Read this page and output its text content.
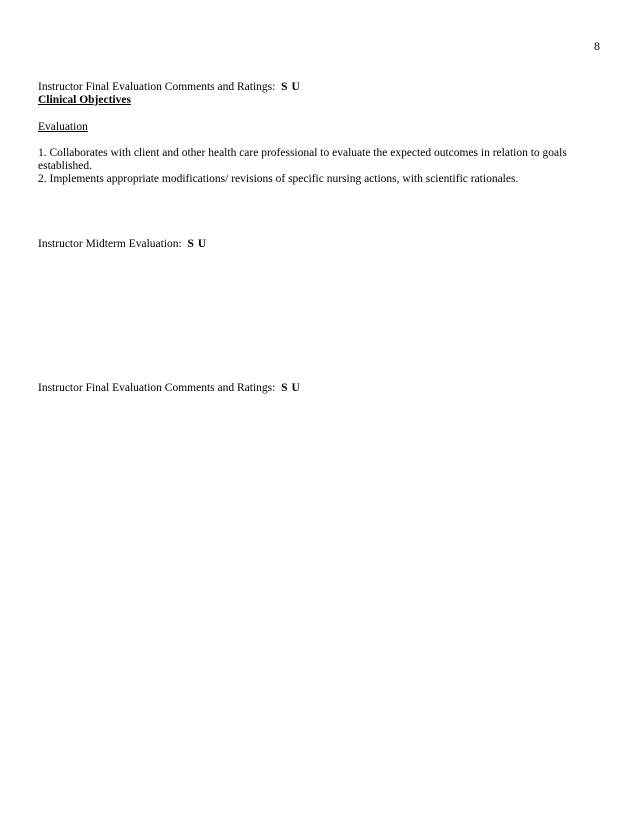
8
Instructor Final Evaluation Comments and Ratings: S U
Clinical Objectives
Evaluation

1. Collaborates with client and other health care professional to evaluate the expected outcomes in relation to goals established.

2. Implements appropriate modifications/ revisions of specific nursing actions, with scientific rationales.

Instructor Midterm Evaluation: S U
Instructor Final Evaluation Comments and Ratings: S U
